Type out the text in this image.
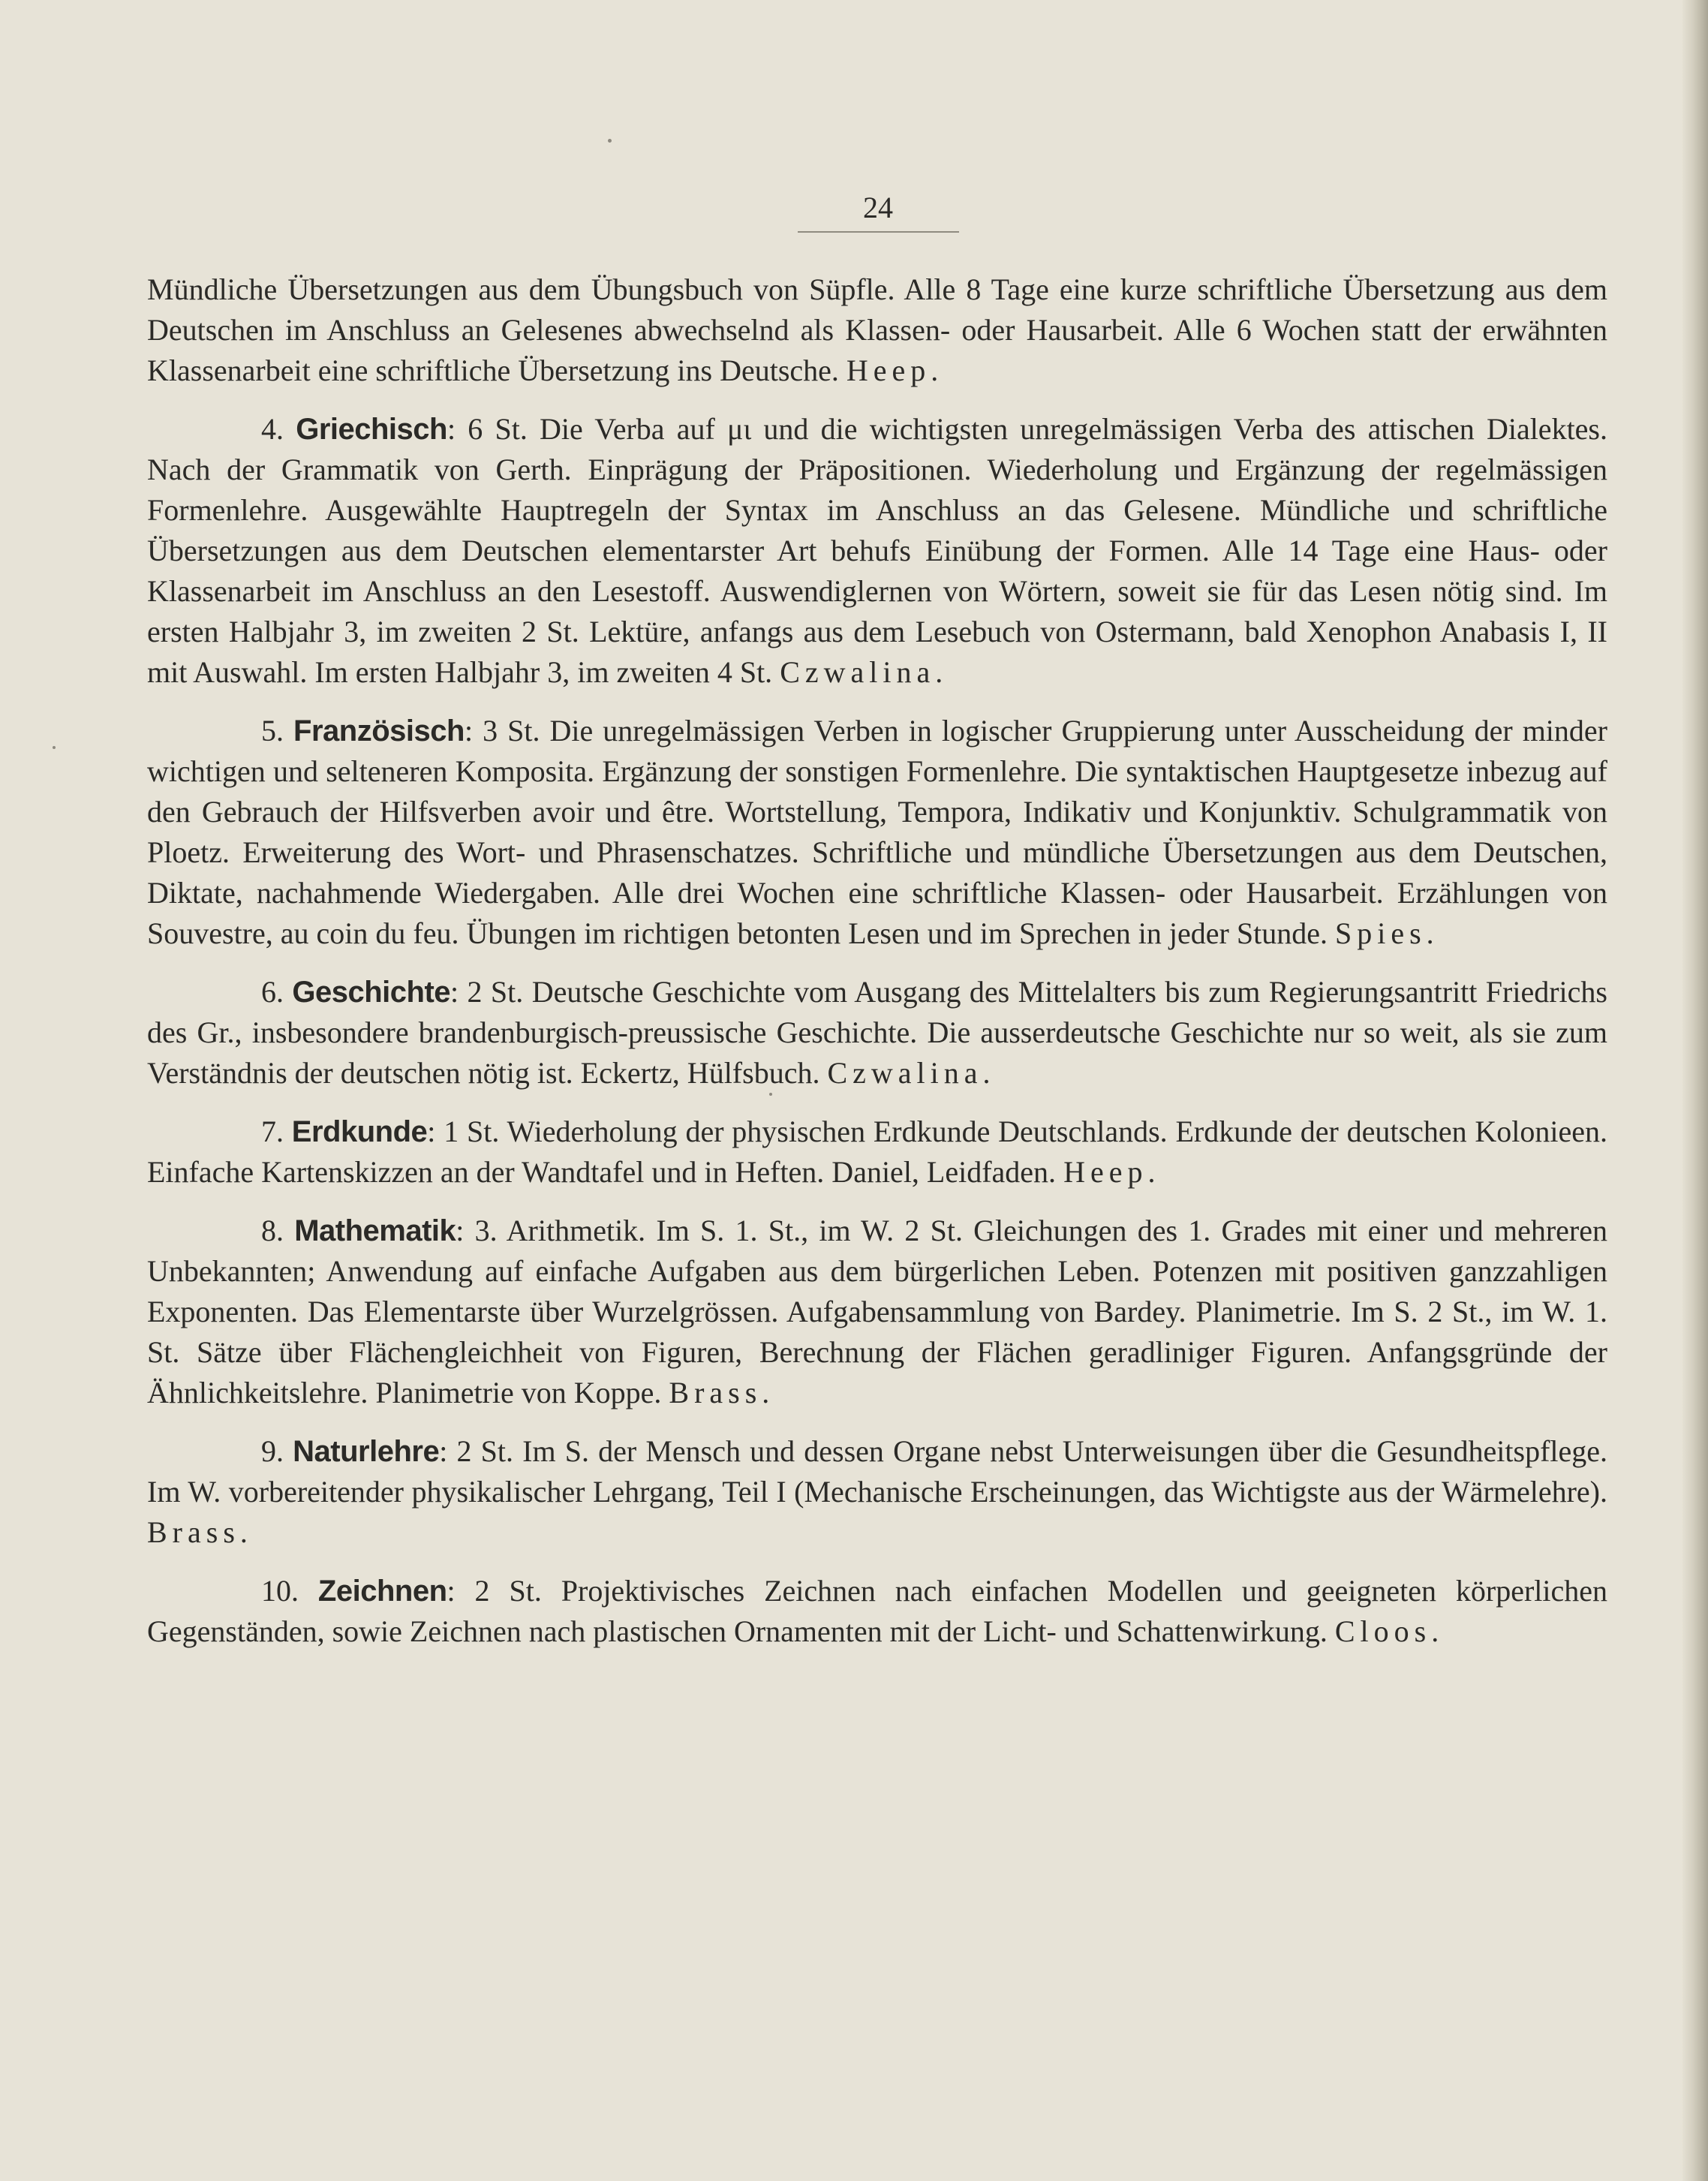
24

Mündliche Übersetzungen aus dem Übungsbuch von Süpfle. Alle 8 Tage eine kurze schriftliche Übersetzung aus dem Deutschen im Anschluss an Gelesenes abwechselnd als Klassen- oder Hausarbeit. Alle 6 Wochen statt der erwähnten Klassenarbeit eine schriftliche Übersetzung ins Deutsche. Heep.

4. Griechisch: 6 St. Die Verba auf μι und die wichtigsten unregelmässigen Verba des attischen Dialektes. Nach der Grammatik von Gerth. Einprägung der Präpositionen. Wiederholung und Ergänzung der regelmässigen Formenlehre. Ausgewählte Hauptregeln der Syntax im Anschluss an das Gelesene. Mündliche und schriftliche Übersetzungen aus dem Deutschen elementarster Art behufs Einübung der Formen. Alle 14 Tage eine Haus- oder Klassenarbeit im Anschluss an den Lesestoff. Auswendiglernen von Wörtern, soweit sie für das Lesen nötig sind. Im ersten Halbjahr 3, im zweiten 2 St. Lektüre, anfangs aus dem Lesebuch von Ostermann, bald Xenophon Anabasis I, II mit Auswahl. Im ersten Halbjahr 3, im zweiten 4 St. Czwalina.

5. Französisch: 3 St. Die unregelmässigen Verben in logischer Gruppierung unter Ausscheidung der minder wichtigen und selteneren Komposita. Ergänzung der sonstigen Formenlehre. Die syntaktischen Hauptgesetze inbezug auf den Gebrauch der Hilfsverben avoir und être. Wortstellung, Tempora, Indikativ und Konjunktiv. Schulgrammatik von Ploetz. Erweiterung des Wort- und Phrasenschatzes. Schriftliche und mündliche Übersetzungen aus dem Deutschen, Diktate, nachahmende Wiedergaben. Alle drei Wochen eine schriftliche Klassen- oder Hausarbeit. Erzählungen von Souvestre, au coin du feu. Übungen im richtigen betonten Lesen und im Sprechen in jeder Stunde. Spies.

6. Geschichte: 2 St. Deutsche Geschichte vom Ausgang des Mittelalters bis zum Regierungsantritt Friedrichs des Gr., insbesondere brandenburgisch-preussische Geschichte. Die ausserdeutsche Geschichte nur so weit, als sie zum Verständnis der deutschen nötig ist. Eckertz, Hülfsbuch. Czwalina.

7. Erdkunde: 1 St. Wiederholung der physischen Erdkunde Deutschlands. Erdkunde der deutschen Kolonieen. Einfache Kartenskizzen an der Wandtafel und in Heften. Daniel, Leidfaden. Heep.

8. Mathematik: 3. Arithmetik. Im S. 1. St., im W. 2 St. Gleichungen des 1. Grades mit einer und mehreren Unbekannten; Anwendung auf einfache Aufgaben aus dem bürgerlichen Leben. Potenzen mit positiven ganzzahligen Exponenten. Das Elementarste über Wurzelgrössen. Aufgabensammlung von Bardey. Planimetrie. Im S. 2 St., im W. 1. St. Sätze über Flächengleichheit von Figuren, Berechnung der Flächen geradliniger Figuren. Anfangsgründe der Ähnlichkeitslehre. Planimetrie von Koppe. Brass.

9. Naturlehre: 2 St. Im S. der Mensch und dessen Organe nebst Unterweisungen über die Gesundheitspflege. Im W. vorbereitender physikalischer Lehrgang, Teil I (Mechanische Erscheinungen, das Wichtigste aus der Wärmelehre). Brass.

10. Zeichnen: 2 St. Projektivisches Zeichnen nach einfachen Modellen und geeigneten körperlichen Gegenständen, sowie Zeichnen nach plastischen Ornamenten mit der Licht- und Schattenwirkung. Cloos.
